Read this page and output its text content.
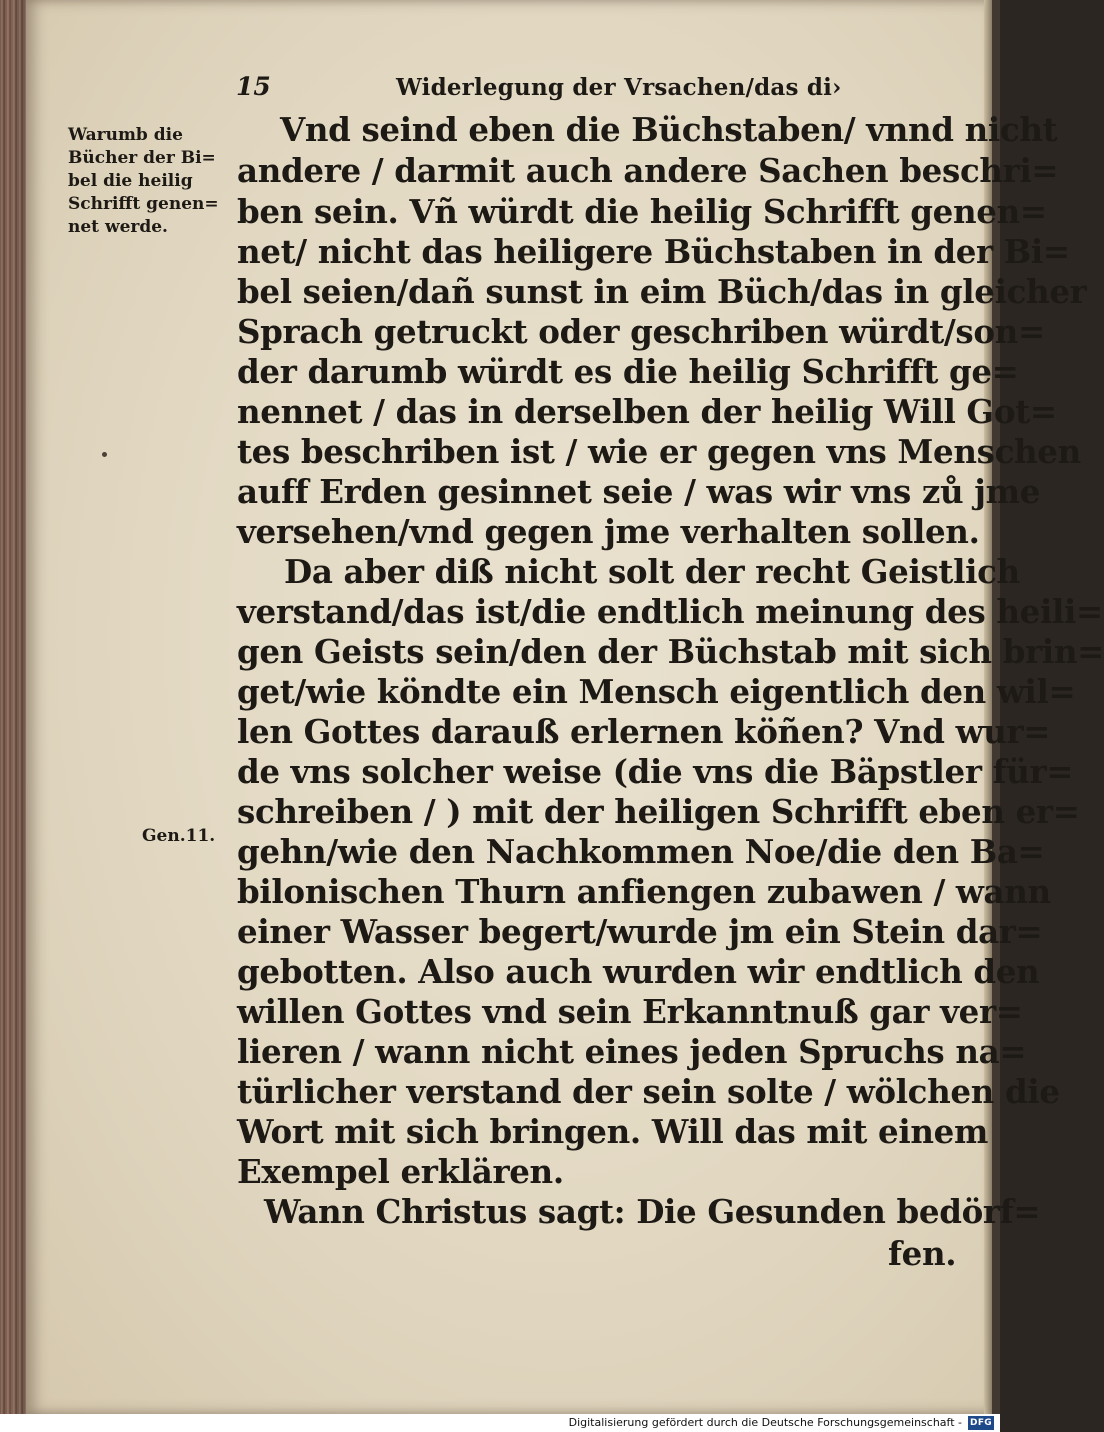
15	Widerlegung der Vrsachen/das di›
Warumb die
Bücher der Bi=
bel die heilig
Schrifft genen=
net werde.
Gen.11.
Vnd seind eben die Büchstaben/ vnnd nicht
andere / darmit auch andere Sachen beschri=
ben sein. Vñ würdt die heilig Schrifft genen=
net/ nicht das heiligere Büchstaben in der Bi=
bel seien/dañ sunst in eim Büch/das in gleicher
Sprach getruckt oder geschriben würdt/son=
der darumb würdt es die heilig Schrifft ge=
nennet / das in derselben der heilig Will Got=
tes beschriben ist / wie er gegen vns Menschen
auff Erden gesinnet seie / was wir vns zů jme
versehen/vnd gegen jme verhalten sollen.
Da aber diß nicht solt der recht Geistlich
verstand/das ist/die endtlich meinung des heili=
gen Geists sein/den der Büchstab mit sich brin=
get/wie köndte ein Mensch eigentlich den wil=
len Gottes darauß erlernen köñen? Vnd wur=
de vns solcher weise (die vns die Bäpstler für=
schreiben / ) mit der heiligen Schrifft eben er=
gehn/wie den Nachkommen Noe/die den Ba=
bilonischen Thurn anfiengen zubawen / wann
einer Wasser begert/wurde jm ein Stein dar=
gebotten. Also auch wurden wir endtlich den
willen Gottes vnd sein Erkanntnuß gar ver=
lieren / wann nicht eines jeden Spruchs na=
türlicher verstand der sein solte / wölchen die
Wort mit sich bringen. Will das mit einem
Exempel erklären.
Wann Christus sagt: Die Gesunden bedörf=
fen.
Digitalisierung gefördert durch die Deutsche Forschungsgemeinschaft - DFG
